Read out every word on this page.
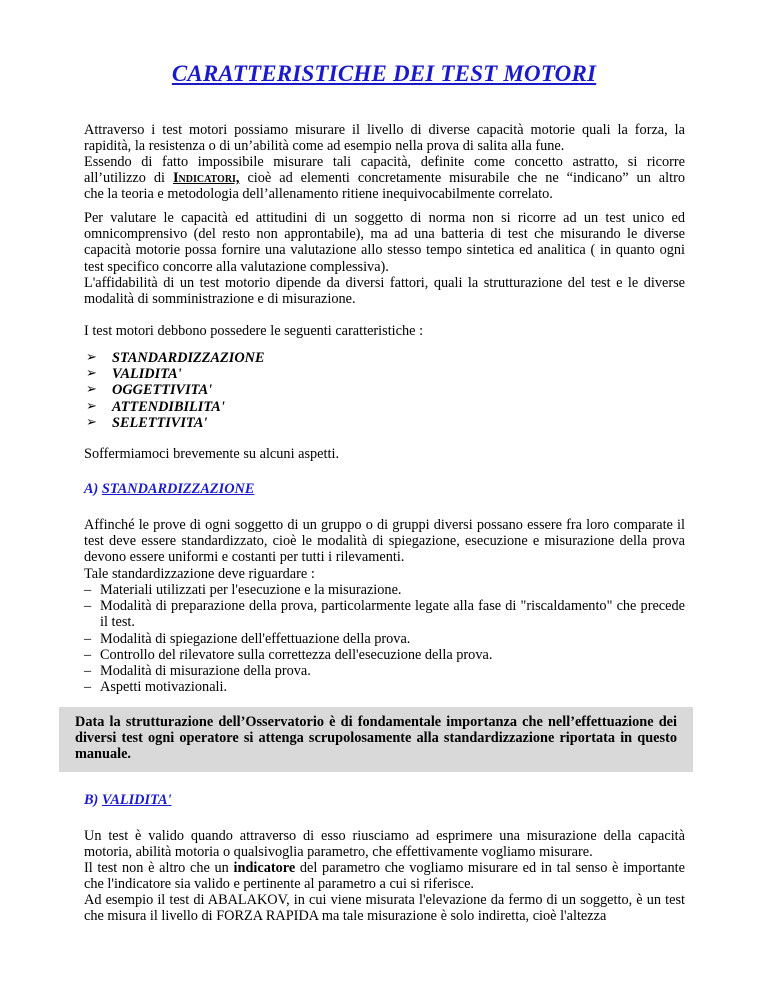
CARATTERISTICHE DEI TEST MOTORI
Attraverso i test motori possiamo misurare il livello di diverse capacità motorie quali la forza, la
rapidità, la resistenza o di un’abilità come ad esempio nella prova di salita alla fune.
Essendo di fatto impossibile misurare tali capacità, definite come concetto astratto, si ricorre
all’utilizzo di Indicatori, cioè ad elementi concretamente misurabile che ne “indicano” un altro
che la teoria e metodologia dell’allenamento ritiene inequivocabilmente correlato.
Per valutare le capacità ed attitudini di un soggetto di norma non si ricorre ad un test unico ed omnicomprensivo (del resto non approntabile), ma ad una batteria di test che misurando le diverse capacità motorie possa fornire una valutazione allo stesso tempo sintetica ed analitica ( in quanto ogni test specifico concorre alla valutazione complessiva).
L'affidabilità di un test motorio dipende da diversi fattori, quali la strutturazione del test e le diverse modalità di somministrazione e di misurazione.
I test motori debbono possedere le seguenti caratteristiche :
➢ STANDARDIZZAZIONE
➢ VALIDITA'
➢ OGGETTIVITA'
➢ ATTENDIBILITA'
➢ SELETTIVITA'
Soffermiamoci brevemente su alcuni aspetti.
A) STANDARDIZZAZIONE
Affinché le prove di ogni soggetto di un gruppo o di gruppi diversi possano essere fra loro comparate il test deve essere standardizzato, cioè le modalità di spiegazione, esecuzione e misurazione della prova devono essere uniformi e costanti per tutti i rilevamenti.
Tale standardizzazione deve riguardare :
– Materiali utilizzati per l'esecuzione e la misurazione.
– Modalità di preparazione della prova, particolarmente legate alla fase di "riscaldamento" che precede il test.
– Modalità di spiegazione dell'effettuazione della prova.
– Controllo del rilevatore sulla correttezza dell'esecuzione della prova.
– Modalità di misurazione della prova.
– Aspetti motivazionali.

Data la strutturazione dell’Osservatorio è di fondamentale importanza che nell’effettuazione dei diversi test ogni operatore si attenga scrupolosamente alla standardizzazione riportata in questo manuale.

B) VALIDITA'
Un test è valido quando attraverso di esso riusciamo ad esprimere una misurazione della capacità motoria, abilità motoria o qualsivoglia parametro, che effettivamente vogliamo misurare.
Il test non è altro che un indicatore del parametro che vogliamo misurare ed in tal senso è importante che l'indicatore sia valido e pertinente al parametro a cui si riferisce.
Ad esempio il test di ABALAKOV, in cui viene misurata l'elevazione da fermo di un soggetto, è un test che misura il livello di FORZA RAPIDA ma tale misurazione è solo indiretta, cioè l'altezza
